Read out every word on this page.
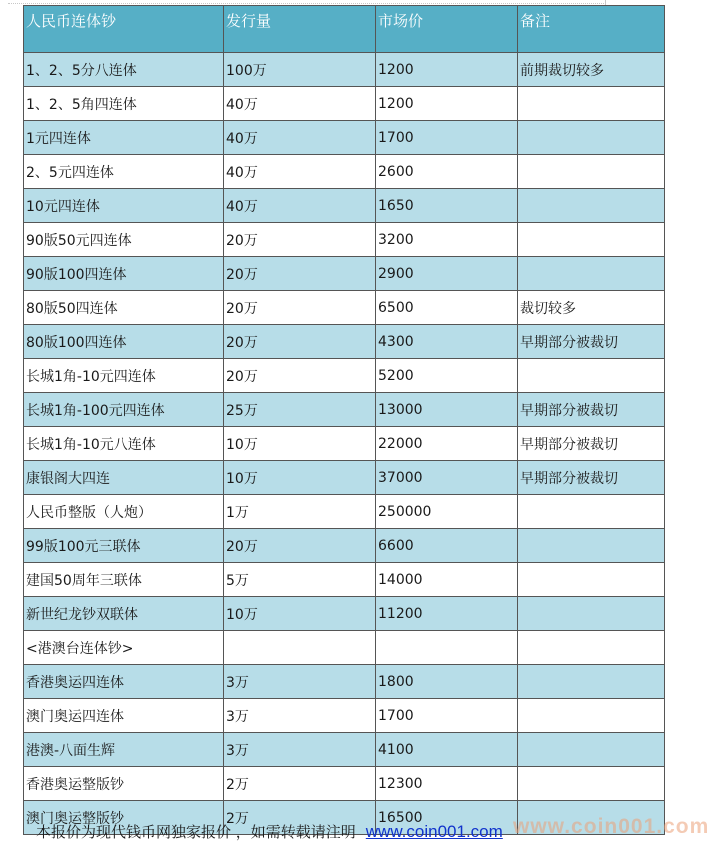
人民币连体钞	发行量	市场价	备注
1、2、5分八连体	100万	1200	前期裁切较多
1、2、5角四连体	40万	1200	
1元四连体	40万	1700	
2、5元四连体	40万	2600	
10元四连体	40万	1650	
90版50元四连体	20万	3200	
90版100四连体	20万	2900	
80版50四连体	20万	6500	裁切较多
80版100四连体	20万	4300	早期部分被裁切
长城1角-10元四连体	20万	5200	
长城1角-100元四连体	25万	13000	早期部分被裁切
长城1角-10元八连体	10万	22000	早期部分被裁切
康银阁大四连	10万	37000	早期部分被裁切
人民币整版（人炮）	1万	250000	
99版100元三联体	20万	6600	
建国50周年三联体	5万	14000	
新世纪龙钞双联体	10万	11200	
<港澳台连体钞>			
香港奥运四连体	3万	1800	
澳门奥运四连体	3万	1700	
港澳-八面生辉	3万	4100	
香港奥运整版钞	2万	12300	
澳门奥运整版钞	2万	16500	
本报价为现代钱币网独家报价 ，如需转载请注明 www.coin001.com www.coin001.com
